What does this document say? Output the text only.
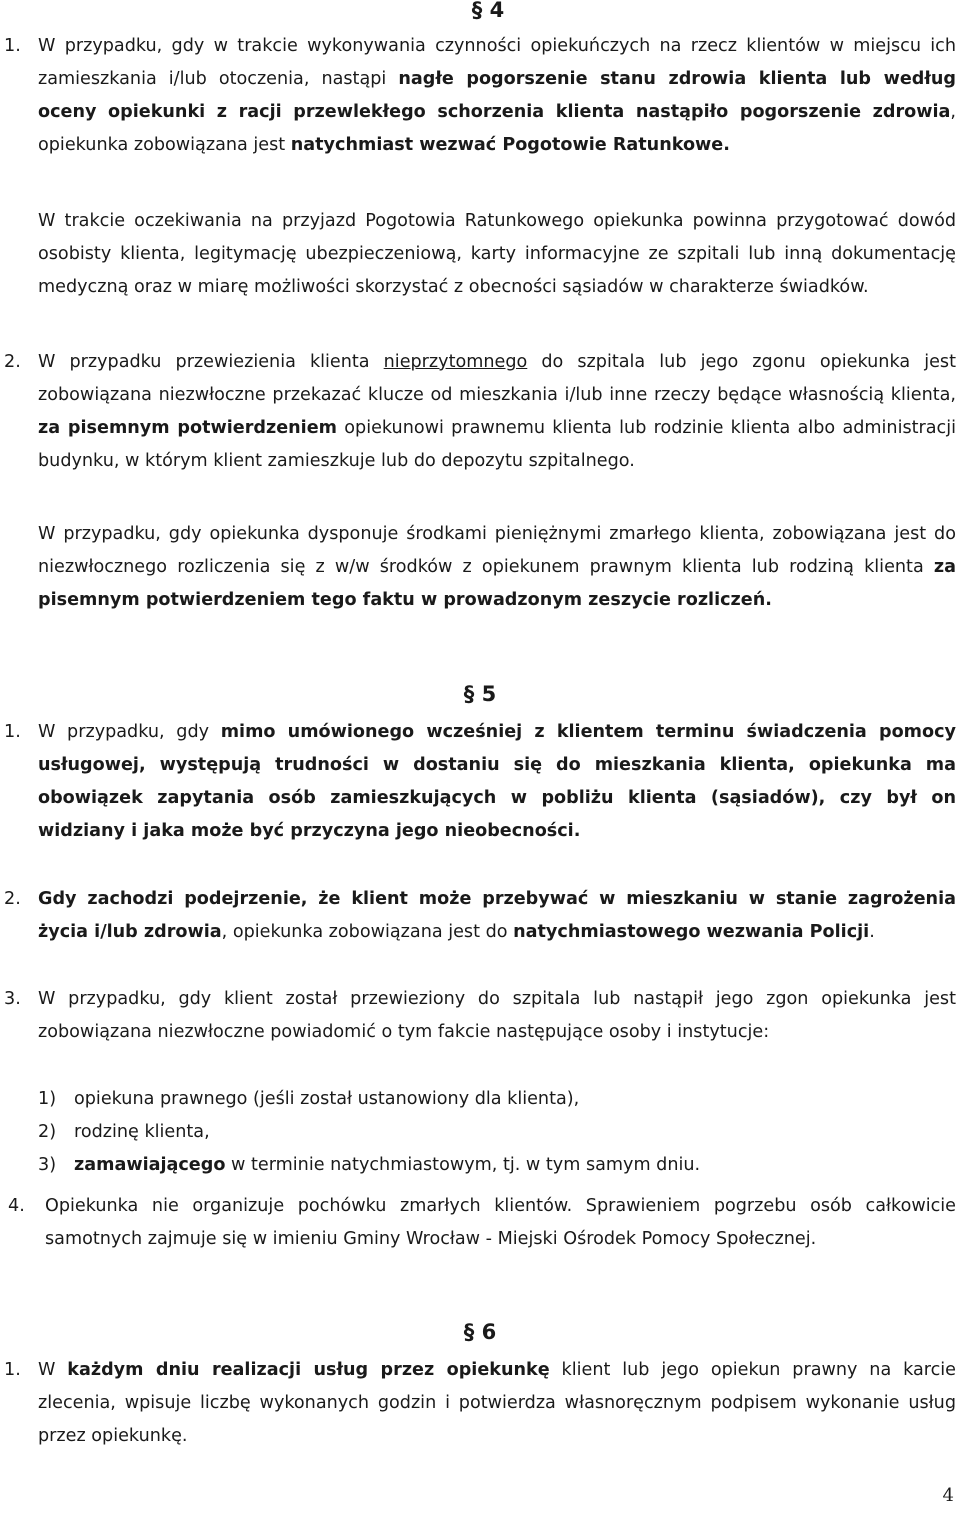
§ 4
1. W przypadku, gdy w trakcie wykonywania czynności opiekuńczych na rzecz klientów w miejscu ich zamieszkania i/lub otoczenia, nastąpi nagłe pogorszenie stanu zdrowia klienta lub według oceny opiekunki z racji przewlekłego schorzenia klienta nastąpiło pogorszenie zdrowia, opiekunka zobowiązana jest natychmiast wezwać Pogotowie Ratunkowe.
W trakcie oczekiwania na przyjazd Pogotowia Ratunkowego opiekunka powinna przygotować dowód osobisty klienta, legitymację ubezpieczeniową, karty informacyjne ze szpitali lub inną dokumentację medyczną oraz w miarę możliwości skorzystać z obecności sąsiadów w charakterze świadków.
2. W przypadku przewiezienia klienta nieprzytomnego do szpitala lub jego zgonu opiekunka jest zobowiązana niezwłoczne przekazać klucze od mieszkania i/lub inne rzeczy będące własnością klienta, za pisemnym potwierdzeniem opiekunowi prawnemu klienta lub rodzinie klienta albo administracji budynku, w którym klient zamieszkuje lub do depozytu szpitalnego.
W przypadku, gdy opiekunka dysponuje środkami pieniężnymi zmarłego klienta, zobowiązana jest do niezwłocznego rozliczenia się z w/w środków z opiekunem prawnym klienta lub rodziną klienta za pisemnym potwierdzeniem tego faktu w prowadzonym zeszycie rozliczeń.
§ 5
1. W przypadku, gdy mimo umówionego wcześniej z klientem terminu świadczenia pomocy usługowej, występują trudności w dostaniu się do mieszkania klienta, opiekunka ma obowiązek zapytania osób zamieszkujących w pobliżu klienta (sąsiadów), czy był on widziany i jaka może być przyczyna jego nieobecności.
2. Gdy zachodzi podejrzenie, że klient może przebywać w mieszkaniu w stanie zagrożenia życia i/lub zdrowia, opiekunka zobowiązana jest do natychmiastowego wezwania Policji.
3. W przypadku, gdy klient został przewieziony do szpitala lub nastąpił jego zgon opiekunka jest zobowiązana niezwłoczne powiadomić o tym fakcie następujące osoby i instytucje:
1) opiekuna prawnego (jeśli został ustanowiony dla klienta),
2) rodzinę klienta,
3) zamawiającego w terminie natychmiastowym, tj. w tym samym dniu.
4. Opiekunka nie organizuje pochówku zmarłych klientów. Sprawieniem pogrzebu osób całkowicie samotnych zajmuje się w imieniu Gminy Wrocław - Miejski Ośrodek Pomocy Społecznej.
§ 6
1. W każdym dniu realizacji usług przez opiekunkę klient lub jego opiekun prawny na karcie zlecenia, wpisuje liczbę wykonanych godzin i potwierdza własnoręcznym podpisem wykonanie usług przez opiekunkę.
4
